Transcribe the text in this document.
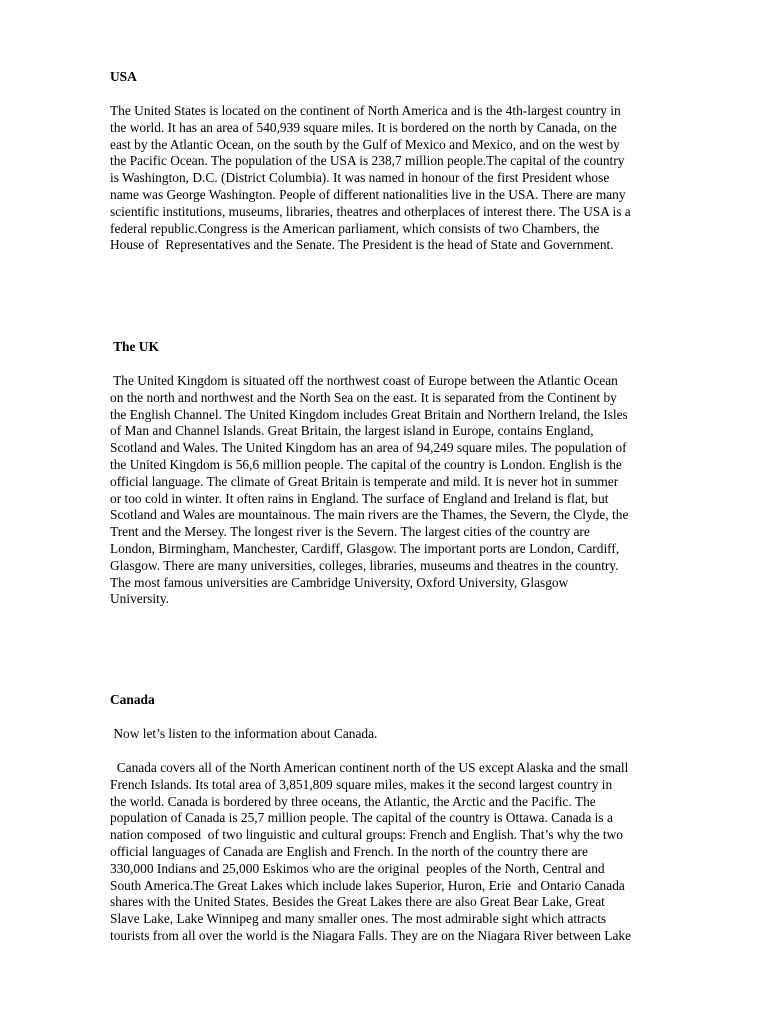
USA

The United States is located on the continent of North America and is the 4th-largest country in
the world. It has an area of 540,939 square miles. It is bordered on the north by Canada, on the
east by the Atlantic Ocean, on the south by the Gulf of Mexico and Mexico, and on the west by
the Pacific Ocean. The population of the USA is 238,7 million people.The capital of the country
is Washington, D.C. (District Columbia). It was named in honour of the first President whose
name was George Washington. People of different nationalities live in the USA. There are many
scientific institutions, museums, libraries, theatres and otherplaces of interest there. The USA is a
federal republic.Congress is the American parliament, which consists of two Chambers, the
House of  Representatives and the Senate. The President is the head of State and Government.

The UK

The United Kingdom is situated off the northwest coast of Europe between the Atlantic Ocean
on the north and northwest and the North Sea on the east. It is separated from the Continent by
the English Channel. The United Kingdom includes Great Britain and Northern Ireland, the Isles
of Man and Channel Islands. Great Britain, the largest island in Europe, contains England,
Scotland and Wales. The United Kingdom has an area of 94,249 square miles. The population of
the United Kingdom is 56,6 million people. The capital of the country is London. English is the
official language. The climate of Great Britain is temperate and mild. It is never hot in summer
or too cold in winter. It often rains in England. The surface of England and Ireland is flat, but
Scotland and Wales are mountainous. The main rivers are the Thames, the Severn, the Clyde, the
Trent and the Mersey. The longest river is the Severn. The largest cities of the country are
London, Birmingham, Manchester, Cardiff, Glasgow. The important ports are London, Cardiff,
Glasgow. There are many universities, colleges, libraries, museums and theatres in the country.
The most famous universities are Cambridge University, Oxford University, Glasgow
University.

Canada

Now let’s listen to the information about Canada.

Canada covers all of the North American continent north of the US except Alaska and the small
French Islands. Its total area of 3,851,809 square miles, makes it the second largest country in
the world. Canada is bordered by three oceans, the Atlantic, the Arctic and the Pacific. The
population of Canada is 25,7 million people. The capital of the country is Ottawa. Canada is a
nation composed  of two linguistic and cultural groups: French and English. That’s why the two
official languages of Canada are English and French. In the north of the country there are
330,000 Indians and 25,000 Eskimos who are the original  peoples of the North, Central and
South America.The Great Lakes which include lakes Superior, Huron, Erie  and Ontario Canada
shares with the United States. Besides the Great Lakes there are also Great Bear Lake, Great
Slave Lake, Lake Winnipeg and many smaller ones. The most admirable sight which attracts
tourists from all over the world is the Niagara Falls. They are on the Niagara River between Lake
